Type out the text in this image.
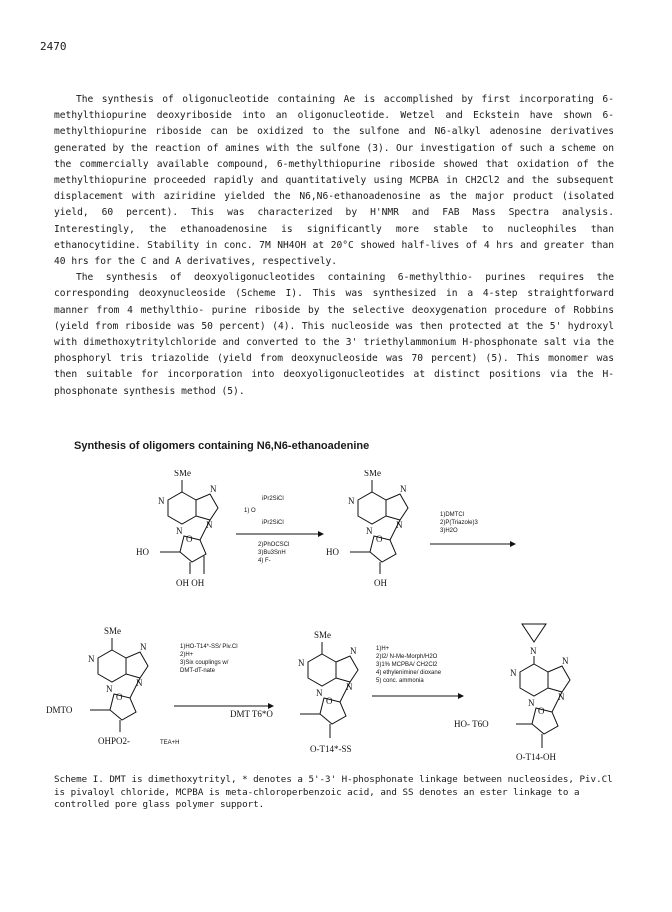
2470

The synthesis of oligonucleotide containing Ae is accomplished by first incorporating 6-methylthiopurine deoxyriboside into an oligonucleotide. Wetzel and Eckstein have shown 6-methylthiopurine riboside can be oxidized to the sulfone and N6-alkyl adenosine derivatives generated by the reaction of amines with the sulfone (3). Our investigation of such a scheme on the commercially available compound, 6-methylthiopurine riboside showed that oxidation of the methylthiopurine proceeded rapidly and quantitatively using MCPBA in CH2Cl2 and the subsequent displacement with aziridine yielded the N6,N6-ethanoadenosine as the major product (isolated yield, 60 percent). This was characterized by H'NMR and FAB Mass Spectra analysis. Interestingly, the ethanoadenosine is significantly more stable to nucleophiles than ethanocytidine. Stability in conc. 7M NH4OH at 20°C showed half-lives of 4 hrs and greater than 40 hrs for the C and A derivatives, respectively.

The synthesis of deoxyoligonucleotides containing 6-methylthio- purines requires the corresponding deoxynucleoside (Scheme I). This was synthesized in a 4-step straightforward manner from 4 methylthio- purine riboside by the selective deoxygenation procedure of Robbins (yield from riboside was 50 percent) (4). This nucleoside was then protected at the 5' hydroxyl with dimethoxytritylchloride and converted to the 3' triethylammonium H-phosphonate salt via the phosphoryl tris triazolide (yield from deoxynucleoside was 70 percent) (5). This monomer was then suitable for incorporation into deoxyoligonucleotides at distinct positions via the H-phosphonate synthesis method (5).

Synthesis of oligomers containing N6,N6-ethanoadenine
SMe
N
N
N
N
O
HO
OH OH
iPr2SiCl
1) O
iPr2SiCl
2)PhOCSCl
3)Bu3SnH
4) F-
SMe
N
N
N
N
O
HO
OH
1)DMTCl
2)P(Triazole)3
3)H2O
SMe
N
N
N
N
O
DMTO
OHPO2-	TEA+H
1)HO-T14*-SS/ Piv.Cl
2)H+
3)Six couplings w/
DMT-dT-nate
SMe
N
N
N
N
O
DMT T6*O
O-T14*-SS
1)H+
2)I2/ N-Me-Morph/H2O
3)1% MCPBA/ CH2Cl2
4) ethylenimine/ dioxane
5) conc. ammonia
N
N
N
N
N
O
HO- T6O
O-T14-OH
Scheme I. DMT is dimethoxytrityl, * denotes a 5'-3' H-phosphonate linkage between nucleosides, Piv.Cl is pivaloyl chloride, MCPBA is meta-chloroperbenzoic acid, and SS denotes an ester linkage to a controlled pore glass polymer support.
